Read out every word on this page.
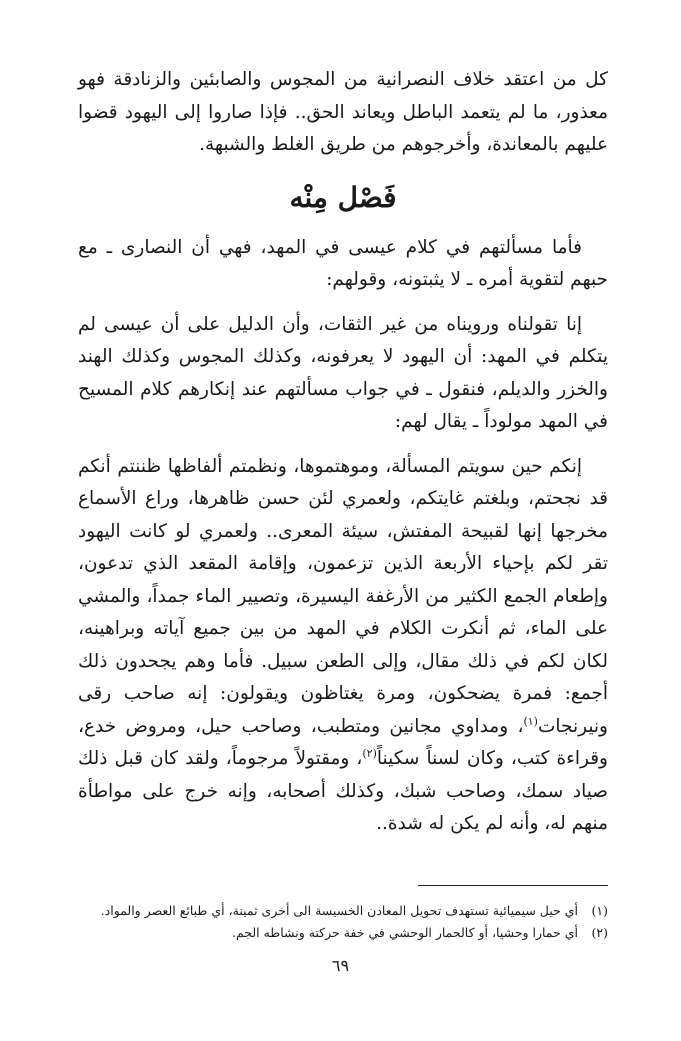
كل من اعتقد خلاف النصرانية من المجوس والصابئين والزنادقة فهو معذور، ما لم يتعمد الباطل ويعاند الحق.. فإذا صاروا إلى اليهود قضوا عليهم بالمعاندة، وأخرجوهم من طريق الغلط والشبهة.

فَصْل مِنْه

فأما مسألتهم في كلام عيسى في المهد، فهي أن النصارى ـ مع حبهم لتقوية أمره ـ لا يثبتونه، وقولهم:

إنا تقولناه ورويناه من غير الثقات، وأن الدليل على أن عيسى لم يتكلم في المهد: أن اليهود لا يعرفونه، وكذلك المجوس وكذلك الهند والخزر والديلم، فنقول ـ في جواب مسألتهم عند إنكارهم كلام المسيح في المهد مولوداً ـ يقال لهم:

إنكم حين سويتم المسألة، وموهتموها، ونظمتم ألفاظها ظننتم أنكم قد نجحتم، وبلغتم غايتكم، ولعمري لئن حسن ظاهرها، وراع الأسماع مخرجها إنها لقبيحة المفتش، سيئة المعرى.. ولعمري لو كانت اليهود تقر لكم بإحياء الأربعة الذين تزعمون، وإقامة المقعد الذي تدعون، وإطعام الجمع الكثير من الأرغفة اليسيرة، وتصيير الماء جمداً، والمشي على الماء، ثم أنكرت الكلام في المهد من بين جميع آياته وبراهينه، لكان لكم في ذلك مقال، وإلى الطعن سبيل. فأما وهم يجحدون ذلك أجمع: فمرة يضحكون، ومرة يغتاظون ويقولون: إنه صاحب رقى ونيرنجات$^{(١)}$، ومداوي مجانين ومتطبب، وصاحب حيل، ومروض خدع، وقراءة كتب، وكان لسناً سكيناً$^{(٢)}$، ومقتولاً مرجوماً، ولقد كان قبل ذلك صياد سمك، وصاحب شبك، وكذلك أصحابه، وإنه خرج على مواطأة منهم له، وأنه لم يكن له شدة..

(١)
أي حيل سيميائية تستهدف تحويل المعادن الخسيسة الى أخرى ثمينة، أي طبائع العصر والمواد.
(٢)
أي حمارا وحشيا، أو كالحمار الوحشي في خفة حركته ونشاطه الجم.
٦٩
